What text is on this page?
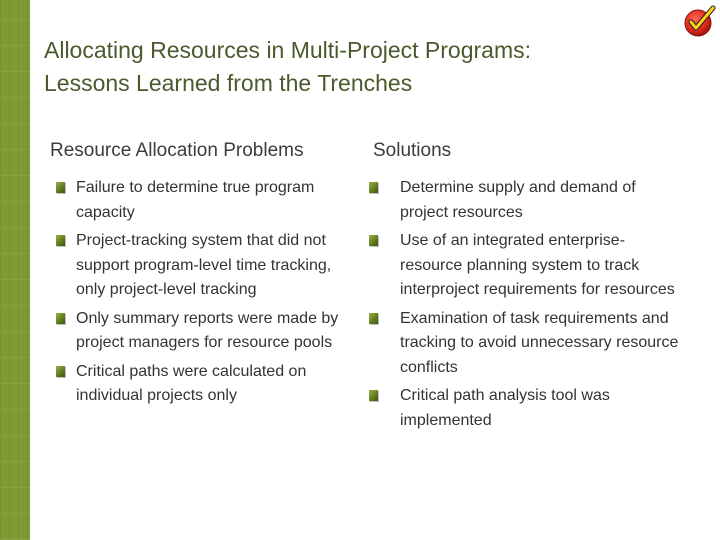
Allocating Resources in Multi-Project Programs:
Lessons Learned from the Trenches
Resource Allocation Problems	Solutions
Failure to determine true program capacity
Project-tracking system that did not support program-level time tracking, only project-level tracking
Only summary reports were made by project managers for resource pools
Critical paths were calculated on individual projects only
Determine supply and demand of project resources
Use of an integrated enterprise-resource planning system to track interproject requirements for resources
Examination of task requirements and tracking to avoid unnecessary resource conflicts
Critical path analysis tool was implemented
